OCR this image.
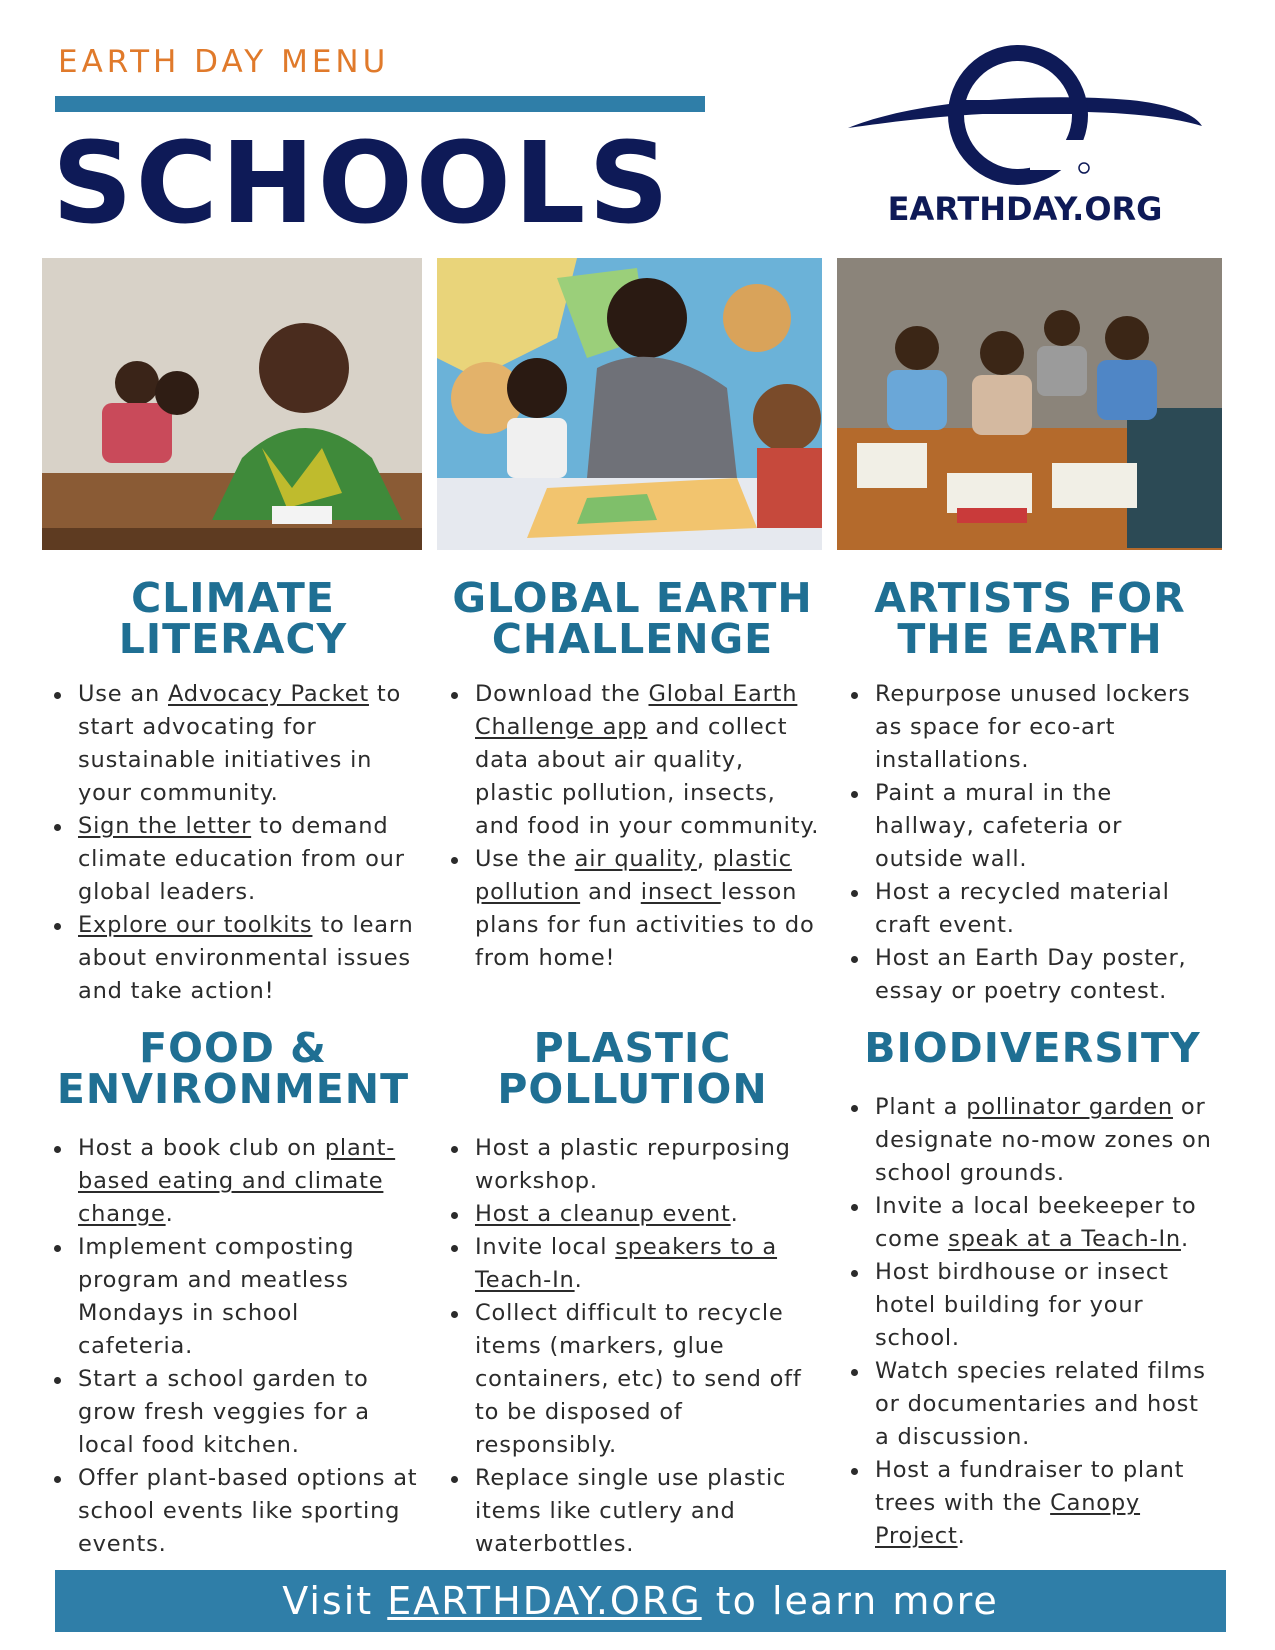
EARTH DAY MENU
SCHOOLS	EARTHDAY.ORG
CLIMATE
LITERACY
Use an Advocacy Packet to start advocating for sustainable initiatives in your community.
Sign the letter to demand climate education from our global leaders.
Explore our toolkits to learn about environmental issues and take action!
GLOBAL EARTH
CHALLENGE
Download the Global Earth Challenge app and collect data about air quality, plastic pollution, insects, and food in your community.
Use the air quality, plastic pollution and insect lesson plans for fun activities to do from home!
ARTISTS FOR
THE EARTH
Repurpose unused lockers as space for eco-art installations.
Paint a mural in the hallway, cafeteria or outside wall.
Host a recycled material craft event.
Host an Earth Day poster, essay or poetry contest.
FOOD &
ENVIRONMENT
Host a book club on plant-based eating and climate change.
Implement composting program and meatless Mondays in school cafeteria.
Start a school garden to grow fresh veggies for a local food kitchen.
Offer plant-based options at school events like sporting events.
PLASTIC
POLLUTION
Host a plastic repurposing workshop.
Host a cleanup event.
Invite local speakers to a Teach-In.
Collect difficult to recycle items (markers, glue containers, etc) to send off to be disposed of responsibly.
Replace single use plastic items like cutlery and waterbottles.
BIODIVERSITY
Plant a pollinator garden or designate no-mow zones on school grounds.
Invite a local beekeeper to come speak at a Teach-In.
Host birdhouse or insect hotel building for your school.
Watch species related films or documentaries and host a discussion.
Host a fundraiser to plant trees with the Canopy Project.
Visit EARTHDAY.ORG to learn more
